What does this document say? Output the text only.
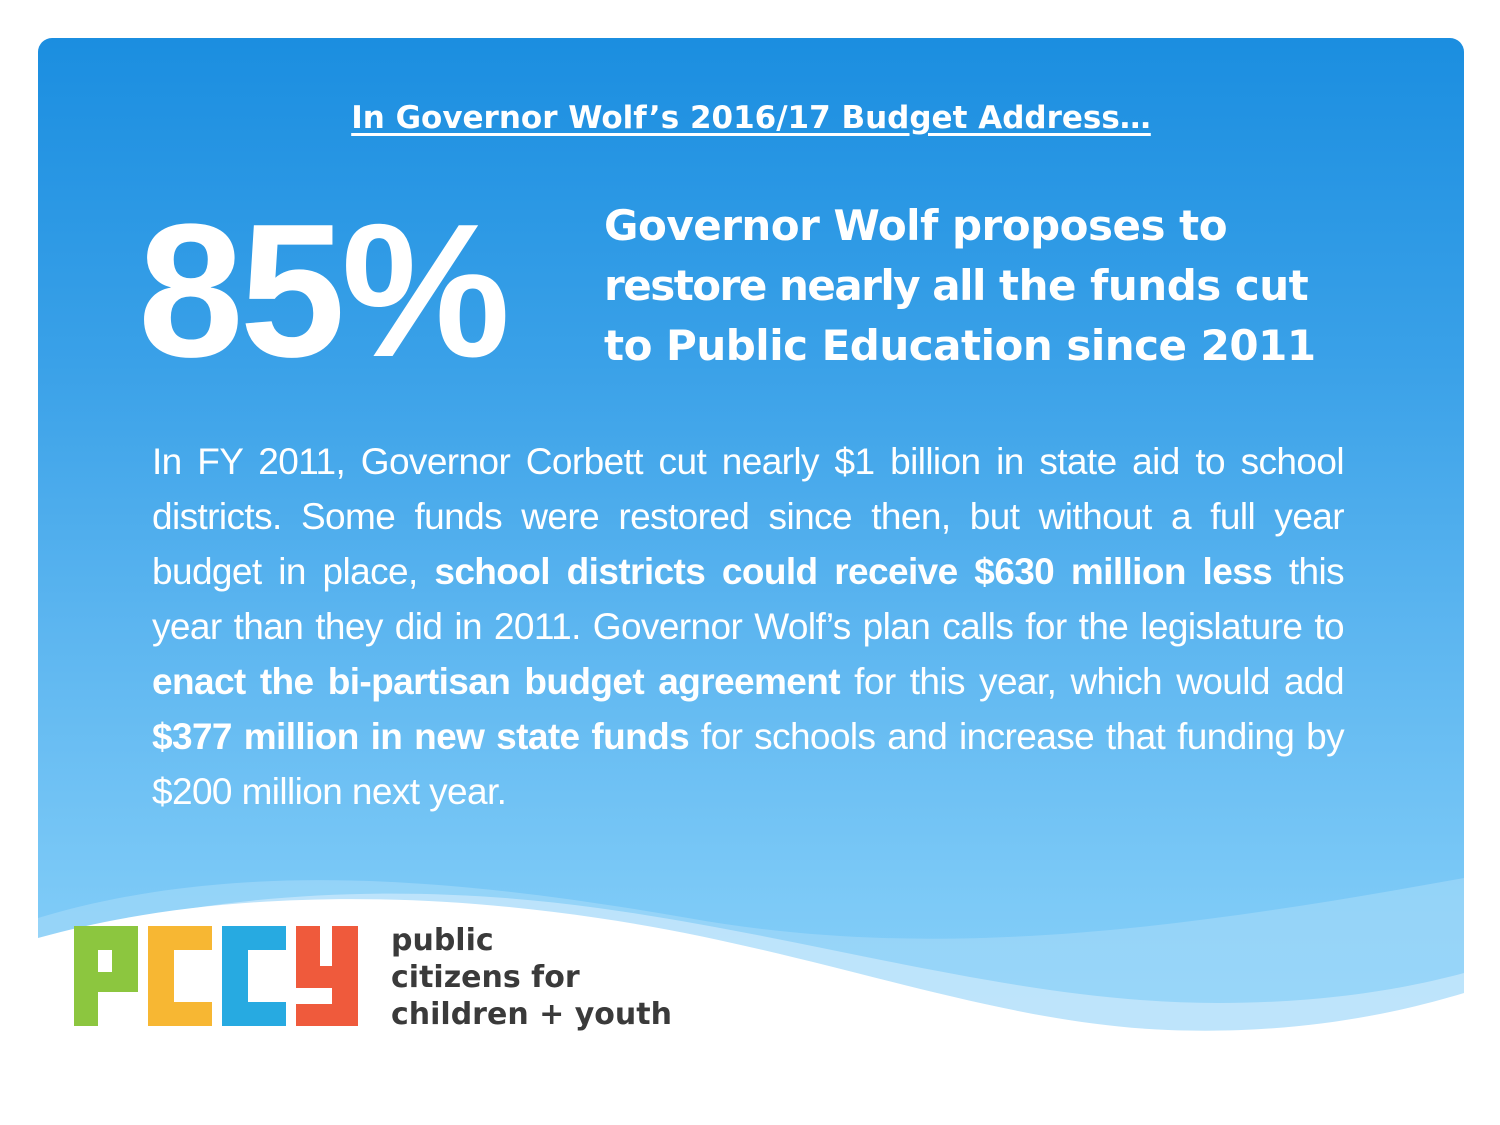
In Governor Wolf’s 2016/17 Budget Address…
85% Governor Wolf proposes to restore nearly all the funds cut to Public Education since 2011
In FY 2011, Governor Corbett cut nearly $1 billion in state aid to school districts. Some funds were restored since then, but without a full year budget in place, school districts could receive $630 million less this year than they did in 2011. Governor Wolf’s plan calls for the legislature to enact the bi-partisan budget agreement for this year, which would add $377 million in new state funds for schools and increase that funding by $200 million next year.
public
citizens for
children + youth
